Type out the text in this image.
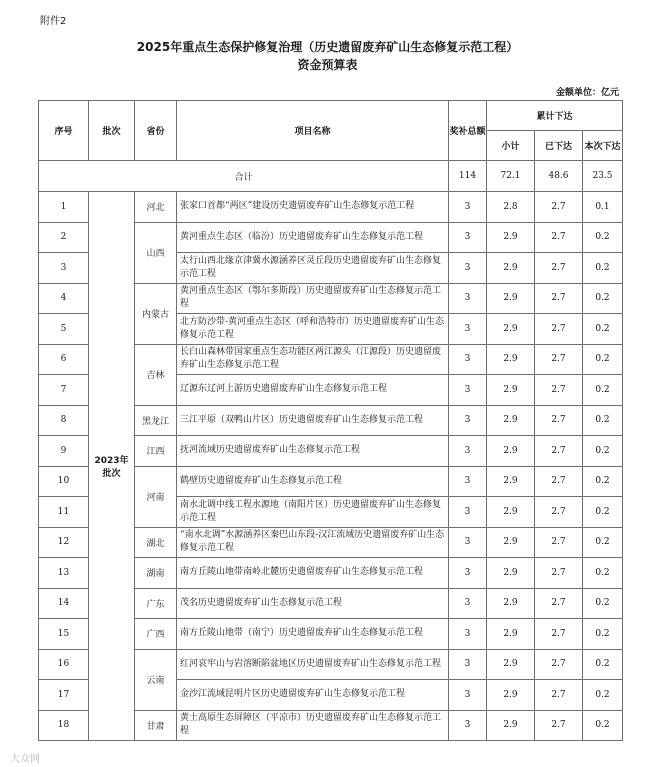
附件2
2025年重点生态保护修复治理（历史遗留废弃矿山生态修复示范工程）
资金预算表
金额单位：亿元
序号	批次	省份	项目名称	奖补总额	累计下达		
					小计	已下达	本次下达
合计				114	72.1	48.6	23.5
1	2023年批次	河北	张家口首都“两区”建设历史遗留废弃矿山生态修复示范工程	3	2.8	2.7	0.1
2		山西	黄河重点生态区（临汾）历史遗留废弃矿山生态修复示范工程	3	2.9	2.7	0.2
3			太行山西北缘京津冀水源涵养区灵丘段历史遗留废弃矿山生态修复示范工程	3	2.9	2.7	0.2
4		内蒙古	黄河重点生态区（鄂尔多斯段）历史遗留废弃矿山生态修复示范工程	3	2.9	2.7	0.2
5			北方防沙带-黄河重点生态区（呼和浩特市）历史遗留废弃矿山生态修复示范工程	3	2.9	2.7	0.2
6		吉林	长白山森林带国家重点生态功能区两江源头（江源段）历史遗留废弃矿山生态修复示范工程	3	2.9	2.7	0.2
7			辽源东辽河上游历史遗留废弃矿山生态修复示范工程	3	2.9	2.7	0.2
8		黑龙江	三江平原（双鸭山片区）历史遗留废弃矿山生态修复示范工程	3	2.9	2.7	0.2
9		江西	抚河流域历史遗留废弃矿山生态修复示范工程	3	2.9	2.7	0.2
10		河南	鹤壁历史遗留废弃矿山生态修复示范工程	3	2.9	2.7	0.2
11			南水北调中线工程水源地（南阳片区）历史遗留废弃矿山生态修复示范工程	3	2.9	2.7	0.2
12		湖北	“南水北调”水源涵养区秦巴山东段-汉江流域历史遗留废弃矿山生态修复示范工程	3	2.9	2.7	0.2
13		湖南	南方丘陵山地带南岭北麓历史遗留废弃矿山生态修复示范工程	3	2.9	2.7	0.2
14		广东	茂名历史遗留废弃矿山生态修复示范工程	3	2.9	2.7	0.2
15		广西	南方丘陵山地带（南宁）历史遗留废弃矿山生态修复示范工程	3	2.9	2.7	0.2
16		云南	红河哀牢山与岩溶断陷盆地区历史遗留废弃矿山生态修复示范工程	3	2.9	2.7	0.2
17			金沙江流域昆明片区历史遗留废弃矿山生态修复示范工程	3	2.9	2.7	0.2
18		甘肃	黄土高原生态屏障区（平凉市）历史遗留废弃矿山生态修复示范工程	3	2.9	2.7	0.2
大众网
